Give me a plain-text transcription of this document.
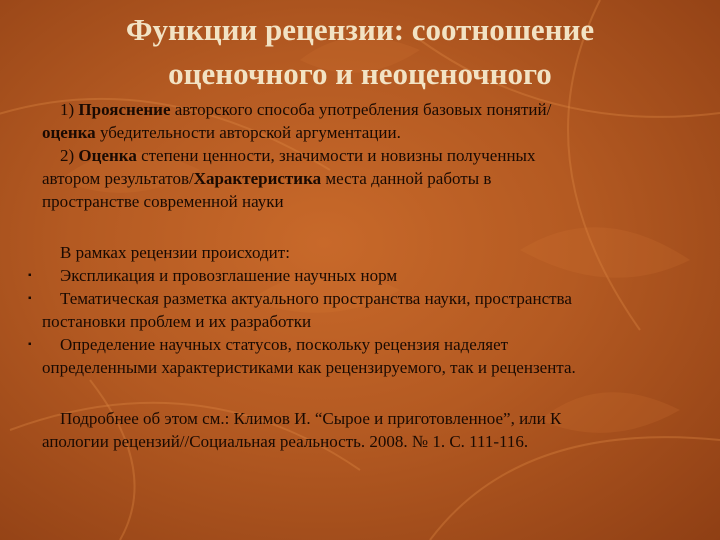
Функции рецензии: соотношение
оценочного и неоценочного
1) Прояснение авторского способа употребления базовых понятий/
оценка убедительности авторской аргументации.
2) Оценка степени ценности, значимости и новизны полученных
автором результатов/Характеристика места данной работы в
пространстве современной науки
В рамках рецензии происходит:
▪	Экспликация и провозглашение научных норм
▪	Тематическая разметка актуального пространства науки, пространства
постановки проблем и их разработки
▪	Определение научных статусов, поскольку рецензия наделяет
определенными характеристиками как рецензируемого, так и рецензента.
Подробнее об этом см.: Климов И. “Сырое и приготовленное”, или К
апологии рецензий//Социальная реальность. 2008. № 1. С. 111-116.
